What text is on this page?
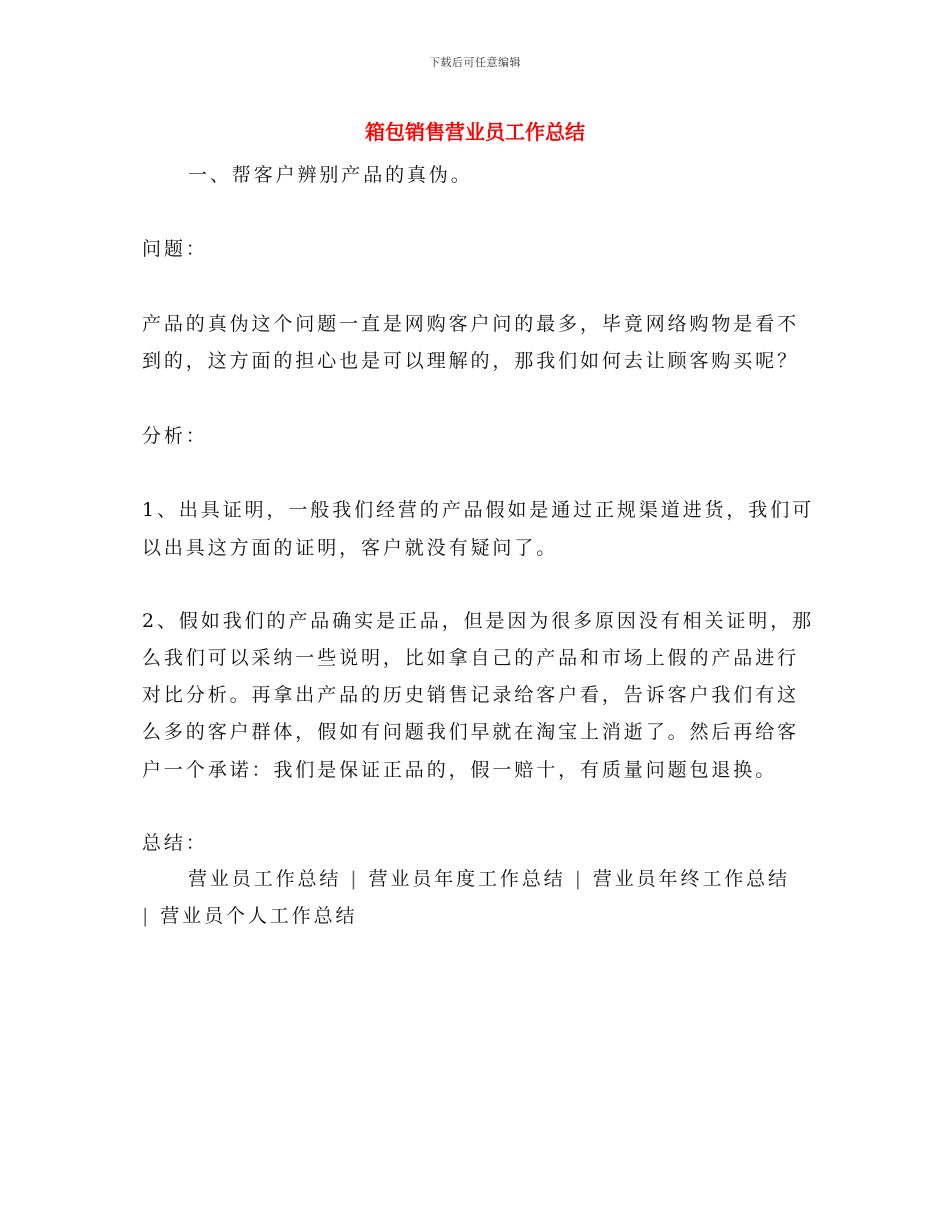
下载后可任意编辑
箱包销售营业员工作总结
一、帮客户辨别产品的真伪。
问题：
产品的真伪这个问题一直是网购客户问的最多，毕竟网络购物是看不
到的，这方面的担心也是可以理解的，那我们如何去让顾客购买呢？
分析：
1、出具证明，一般我们经营的产品假如是通过正规渠道进货，我们可
以出具这方面的证明，客户就没有疑问了。
2、假如我们的产品确实是正品，但是因为很多原因没有相关证明，那
么我们可以采纳一些说明，比如拿自己的产品和市场上假的产品进行
对比分析。再拿出产品的历史销售记录给客户看，告诉客户我们有这
么多的客户群体，假如有问题我们早就在淘宝上消逝了。然后再给客
户一个承诺：我们是保证正品的，假一赔十，有质量问题包退换。
总结：
营业员工作总结 | 营业员年度工作总结 | 营业员年终工作总结
| 营业员个人工作总结
